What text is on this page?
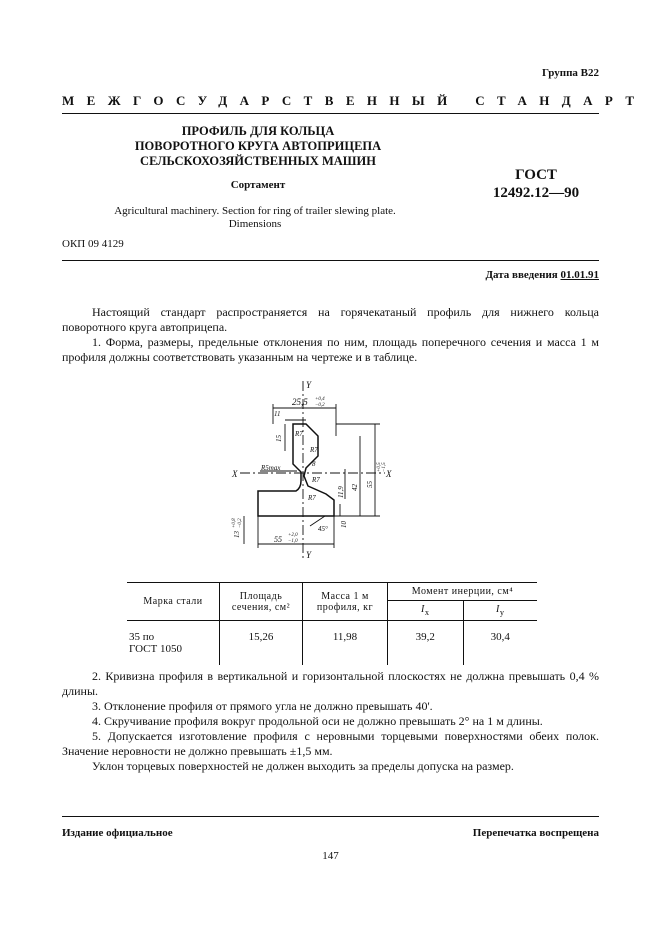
Группа В22
МЕЖГОСУДАРСТВЕННЫЙ СТАНДАРТ
ПРОФИЛЬ ДЛЯ КОЛЬЦА
ПОВОРОТНОГО КРУГА АВТОПРИЦЕПА
СЕЛЬСКОХОЗЯЙСТВЕННЫХ МАШИН
Сортамент
ГОСТ
12492.12—90
Agricultural machinery. Section for ring of trailer slewing plate.
Dimensions
ОКП 09 4129
Дата введения 01.01.91
Настоящий стандарт распространяется на горячекатаный профиль для нижнего кольца поворотного круга автоприцепа.
1. Форма, размеры, предельные отклонения по ним, площадь поперечного сечения и масса 1 м профиля должны соответствовать указанным на чертеже и в таблице.
Y
Y
X	X
25,5 +0,4
−0,2
11
15
R7
R7
R5max	8
R7
R7
42 55
+0,5 −1,5
11,9
45°
10
13
+0,8 −0,2
55 +2,0
−1,0
Марка стали	Площадь сечения, см²	Масса 1 м профиля, кг	Момент инерции, см⁴	
			$I_x$	$I_y$

35 по
ГОСТ 1050	15,26	11,98	39,2	30,4
2. Кривизна профиля в вертикальной и горизонтальной плоскостях не должна превышать 0,4 % длины.
3. Отклонение профиля от прямого угла не должно превышать 40'.
4. Скручивание профиля вокруг продольной оси не должно превышать 2° на 1 м длины.
5. Допускается изготовление профиля с неровными торцевыми поверхностями обеих полок. Значение неровности не должно превышать ±1,5 мм.
Уклон торцевых поверхностей не должен выходить за пределы допуска на размер.
Издание официальное	Перепечатка воспрещена
147
